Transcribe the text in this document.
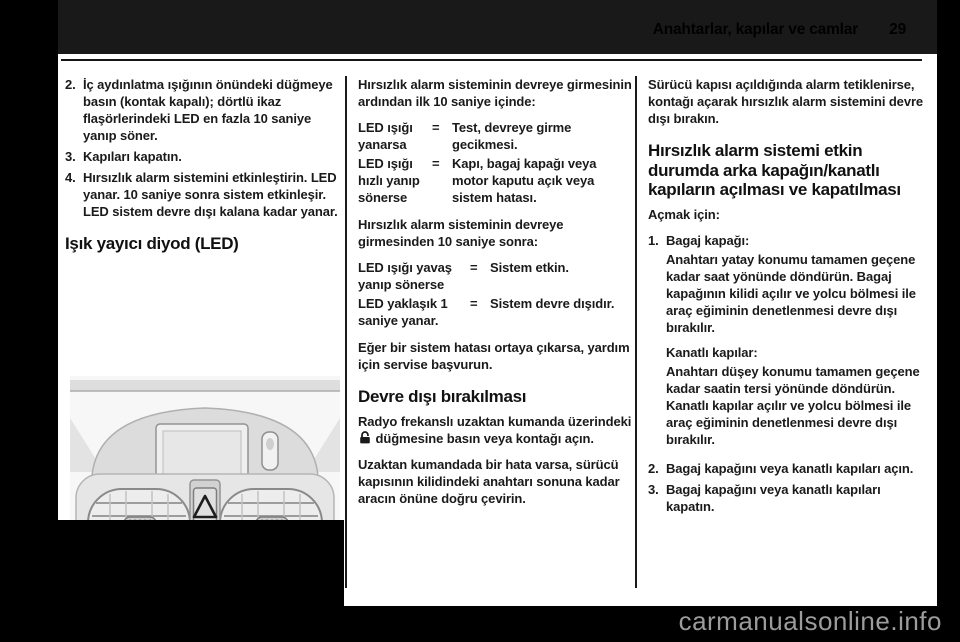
2. İç aydınlatma ışığının önündeki düğmeye basın (kontak kapalı); dörtlü ikaz flaşörlerindeki LED en fazla 10 saniye yanıp söner.
3. Kapıları kapatın.
4. Hırsızlık alarm sistemini etkinleştirin. LED yanar. 10 saniye sonra sistem etkinleşir. LED sistem devre dışı kalana kadar yanar.
Işık yayıcı diyod (LED)

Hırsızlık alarm sisteminin devreye girmesinin ardından ilk 10 saniye içinde:

LED ışığı yanarsa
= Test, devreye girme gecikmesi.
LED ışığı hızlı yanıp sönerse
= Kapı, bagaj kapağı veya motor kaputu açık veya sistem hatası.

Hırsızlık alarm sisteminin devreye girmesinden 10 saniye sonra:

LED ışığı yavaş yanıp sönerse
= Sistem etkin.
LED yaklaşık 1 saniye yanar.
= Sistem devre dışıdır.

Eğer bir sistem hatası ortaya çıkarsa, yardım için servise başvurun.

Devre dışı bırakılması

Radyo frekanslı uzaktan kumanda üzerindeki  düğmesine basın veya kontağı açın.

Uzaktan kumandada bir hata varsa, sürücü kapısının kilidindeki anahtarı sonuna kadar aracın önüne doğru çevirin.

Sürücü kapısı açıldığında alarm tetiklenirse, kontağı açarak hırsızlık alarm sistemini devre dışı bırakın.

Hırsızlık alarm sistemi etkin durumda arka kapağın/kanatlı kapıların açılması ve kapatılması

Açmak için:

1. Bagaj kapağı:

Anahtarı yatay konumu tamamen geçene kadar saat yönünde döndürün. Bagaj kapağının kilidi açılır ve yolcu bölmesi ile araç eğiminin denetlenmesi devre dışı bırakılır.

Kanatlı kapılar:

Anahtarı düşey konumu tamamen geçene kadar saatin tersi yönünde döndürün. Kanatlı kapılar açılır ve yolcu bölmesi ile araç eğiminin denetlenmesi devre dışı bırakılır.

2. Bagaj kapağını veya kanatlı kapıları açın.
3. Bagaj kapağını veya kanatlı kapıları kapatın.
carmanualsonline.info
